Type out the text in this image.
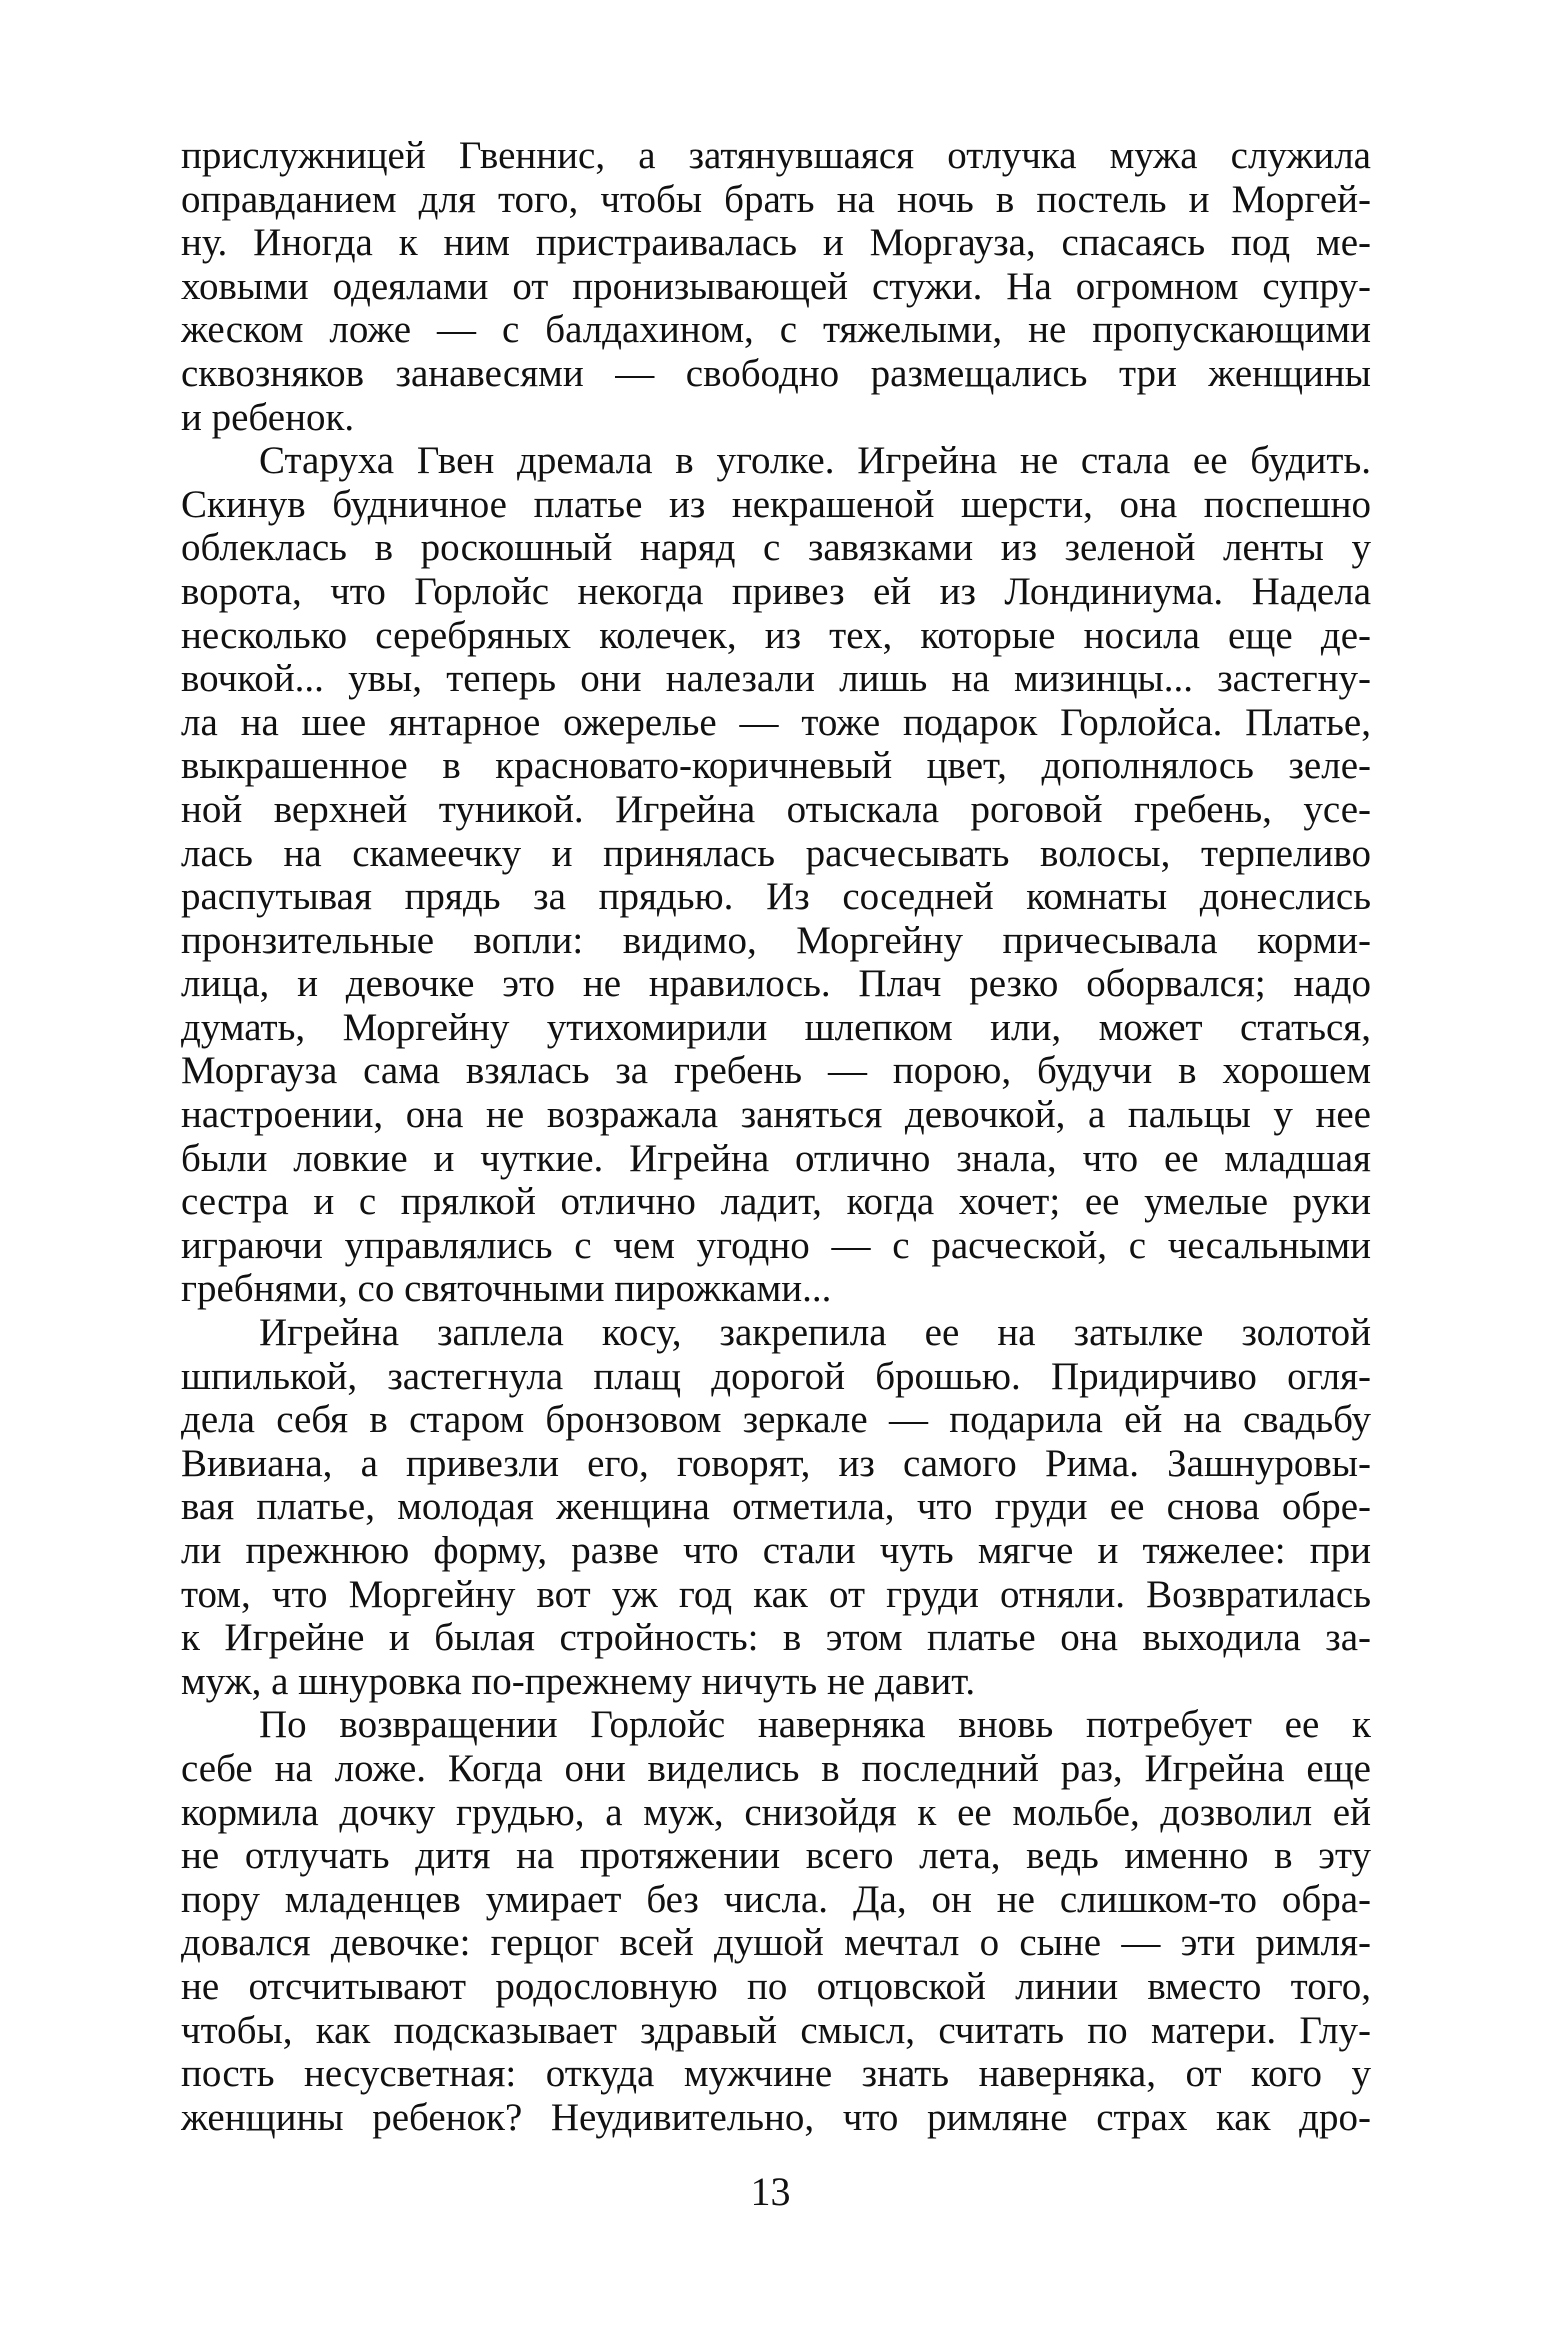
прислужницей Гвеннис, а затянувшаяся отлучка мужа служила
оправданием для того, чтобы брать на ночь в постель и Моргей-
ну. Иногда к ним пристраивалась и Моргауза, спасаясь под ме-
ховыми одеялами от пронизывающей стужи. На огромном супру-
жеском ложе — с балдахином, с тяжелыми, не пропускающими
сквозняков занавесями — свободно размещались три женщины
и ребенок.
Старуха Гвен дремала в уголке. Игрейна не стала ее будить.
Скинув будничное платье из некрашеной шерсти, она поспешно
облеклась в роскошный наряд с завязками из зеленой ленты у
ворота, что Горлойс некогда привез ей из Лондиниума. Надела
несколько серебряных колечек, из тех, которые носила еще де-
вочкой... увы, теперь они налезали лишь на мизинцы... застегну-
ла на шее янтарное ожерелье — тоже подарок Горлойса. Платье,
выкрашенное в красновато-коричневый цвет, дополнялось зеле-
ной верхней туникой. Игрейна отыскала роговой гребень, усе-
лась на скамеечку и принялась расчесывать волосы, терпеливо
распутывая прядь за прядью. Из соседней комнаты донеслись
пронзительные вопли: видимо, Моргейну причесывала корми-
лица, и девочке это не нравилось. Плач резко оборвался; надо
думать, Моргейну утихомирили шлепком или, может статься,
Моргауза сама взялась за гребень — порою, будучи в хорошем
настроении, она не возражала заняться девочкой, а пальцы у нее
были ловкие и чуткие. Игрейна отлично знала, что ее младшая
сестра и с прялкой отлично ладит, когда хочет; ее умелые руки
играючи управлялись с чем угодно — с расческой, с чесальными
гребнями, со святочными пирожками...
Игрейна заплела косу, закрепила ее на затылке золотой
шпилькой, застегнула плащ дорогой брошью. Придирчиво огля-
дела себя в старом бронзовом зеркале — подарила ей на свадьбу
Вивиана, а привезли его, говорят, из самого Рима. Зашнуровы-
вая платье, молодая женщина отметила, что груди ее снова обре-
ли прежнюю форму, разве что стали чуть мягче и тяжелее: при
том, что Моргейну вот уж год как от груди отняли. Возвратилась
к Игрейне и былая стройность: в этом платье она выходила за-
муж, а шнуровка по-прежнему ничуть не давит.
По возвращении Горлойс наверняка вновь потребует ее к
себе на ложе. Когда они виделись в последний раз, Игрейна еще
кормила дочку грудью, а муж, снизойдя к ее мольбе, дозволил ей
не отлучать дитя на протяжении всего лета, ведь именно в эту
пору младенцев умирает без числа. Да, он не слишком-то обра-
довался девочке: герцог всей душой мечтал о сыне — эти римля-
не отсчитывают родословную по отцовской линии вместо того,
чтобы, как подсказывает здравый смысл, считать по матери. Глу-
пость несусветная: откуда мужчине знать наверняка, от кого у
женщины ребенок? Неудивительно, что римляне страх как дро-
13
